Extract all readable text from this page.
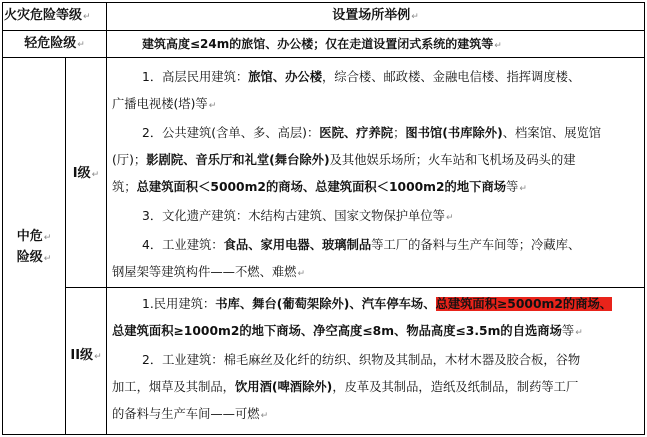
火灾危险等级↵	设置场所举例↵
轻危险级↵	建筑高度≤24m的旅馆、办公楼；仅在走道设置闭式系统的建筑等↵
中危↵
险级↵
I级↵
1．高层民用建筑：旅馆、办公楼，综合楼、邮政楼、金融电信楼、指挥调度楼、
广播电视楼(塔)等↵
2．公共建筑(含单、多、高层)：医院、疗养院；图书馆(书库除外)、档案馆、展览馆
(厅)；影剧院、音乐厅和礼堂(舞台除外)及其他娱乐场所；火车站和飞机场及码头的建
筑；总建筑面积＜5000m2的商场、总建筑面积＜1000m2的地下商场等↵
3．文化遗产建筑：木结构古建筑、国家文物保护单位等↵
4．工业建筑：食品、家用电器、玻璃制品等工厂的备料与生产车间等；冷藏库、
钢屋架等建筑构件——不燃、难燃↵
II级↵
1.民用建筑：书库、舞台(葡萄架除外)、汽车停车场、总建筑面积≥5000m2的商场、
总建筑面积≥1000m2的地下商场、净空高度≤8m、物品高度≤3.5m的自选商场等↵
2．工业建筑：棉毛麻丝及化纤的纺织、织物及其制品，木材木器及胶合板，谷物
加工，烟草及其制品，饮用酒(啤酒除外)，皮革及其制品，造纸及纸制品，制药等工厂
的备料与生产车间——可燃↵
